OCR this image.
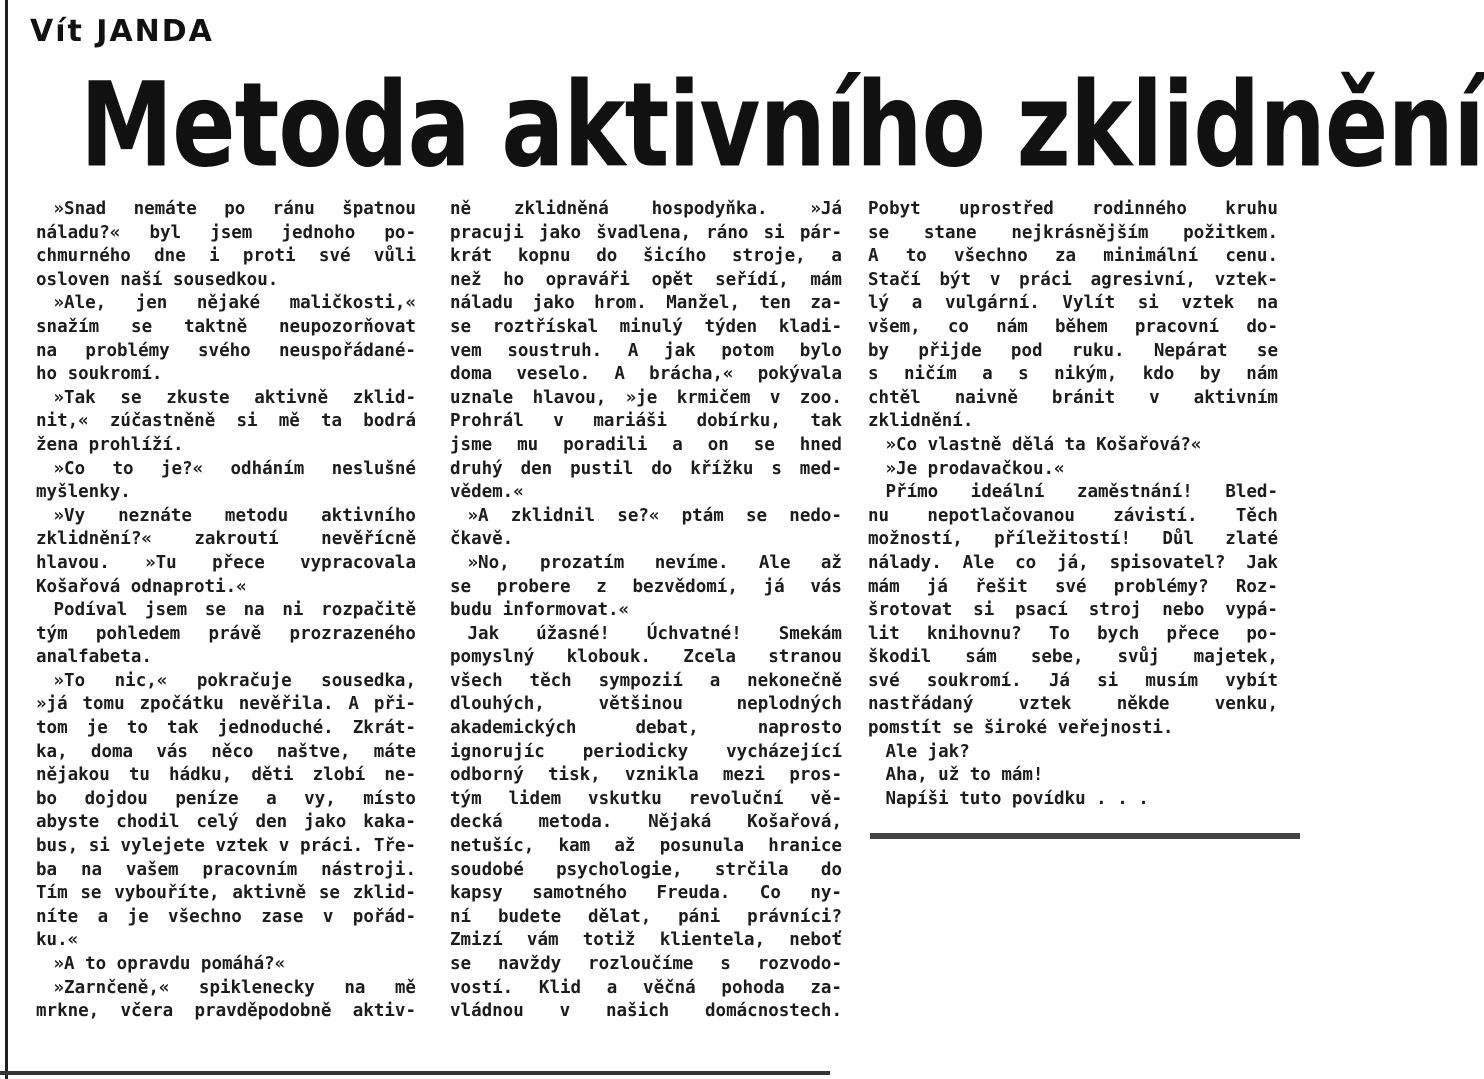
Vít JANDA
Metoda aktivního zklidnění
»Snad nemáte po ránu špatnou
náladu?« byl jsem jednoho po-
chmurného dne i proti své vůli
osloven naší sousedkou.
»Ale, jen nějaké maličkosti,«
snažím se taktně neupozorňovat
na problémy svého neuspořádané-
ho soukromí.
»Tak se zkuste aktivně zklid-
nit,« zúčastněně si mě ta bodrá
žena prohlíží.
»Co to je?« odháním neslušné
myšlenky.
»Vy neznáte metodu aktivního
zklidnění?« zakroutí nevěřícně
hlavou. »Tu přece vypracovala
Košařová odnaproti.«
Podíval jsem se na ni rozpačitě
tým pohledem právě prozrazeného
analfabeta.
»To nic,« pokračuje sousedka,
»já tomu zpočátku nevěřila. A při-
tom je to tak jednoduché. Zkrát-
ka, doma vás něco naštve, máte
nějakou tu hádku, děti zlobí ne-
bo dojdou peníze a vy, místo
abyste chodil celý den jako kaka-
bus, si vylejete vztek v práci. Tře-
ba na vašem pracovním nástroji.
Tím se vybouříte, aktivně se zklid-
níte a je všechno zase v pořád-
ku.«
»A to opravdu pomáhá?«
»Zarnčeně,« spiklenecky na mě
mrkne, včera pravděpodobně aktiv-
ně zklidněná hospodyňka. »Já
pracuji jako švadlena, ráno si pár-
krát kopnu do šicího stroje, a
než ho opraváři opět seřídí, mám
náladu jako hrom. Manžel, ten za-
se roztřískal minulý týden kladi-
vem soustruh. A jak potom bylo
doma veselo. A brácha,« pokývala
uznale hlavou, »je krmičem v zoo.
Prohrál v mariáši dobírku, tak
jsme mu poradili a on se hned
druhý den pustil do křížku s med-
vědem.«
»A zklidnil se?« ptám se nedo-
čkavě.
»No, prozatím nevíme. Ale až
se probere z bezvědomí, já vás
budu informovat.«
Jak úžasné! Úchvatné! Smekám
pomyslný klobouk. Zcela stranou
všech těch sympozií a nekonečně
dlouhých,	většinou	neplodných
akademických	debat,	naprosto
ignorujíc periodicky vycházející
odborný tisk, vznikla mezi pros-
tým lidem vskutku revoluční vě-
decká metoda. Nějaká Košařová,
netušíc, kam až posunula hranice
soudobé psychologie, strčila do
kapsy samotného Freuda. Co ny-
ní budete dělat, páni právníci?
Zmizí vám totiž klientela, neboť
se navždy rozloučíme s rozvodo-
vostí. Klid a věčná pohoda za-
vládnou v našich domácnostech.
Pobyt uprostřed rodinného kruhu
se stane nejkrásnějším požitkem.
A to všechno za minimální cenu.
Stačí být v práci agresivní, vztek-
lý a vulgární. Vylít si vztek na
všem, co nám během pracovní do-
by přijde pod ruku. Nepárat se
s ničím a s nikým, kdo by nám
chtěl naivně bránit v aktivním
zklidnění.
»Co vlastně dělá ta Košařová?«
»Je prodavačkou.«
Přímo ideální zaměstnání! Bled-
nu nepotlačovanou závistí. Těch
možností, příležitostí! Důl zlaté
nálady. Ale co já, spisovatel? Jak
mám já řešit své problémy? Roz-
šrotovat si psací stroj nebo vypá-
lit knihovnu? To bych přece po-
škodil sám sebe, svůj majetek,
své soukromí. Já si musím vybít
nastřádaný	vztek	někde	venku,
pomstít se široké veřejnosti.
Ale jak?
Aha, už to mám!
Napíši tuto povídku . . .
